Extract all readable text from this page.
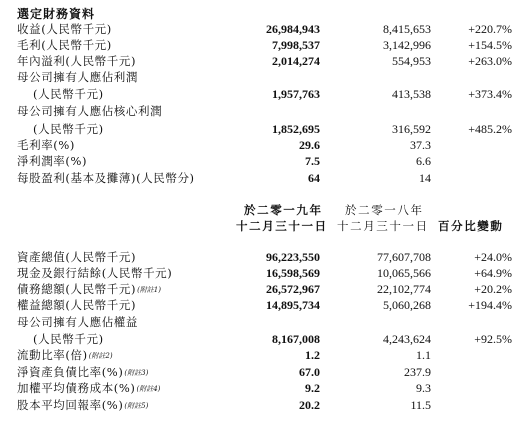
選定財務資料
收益(人民幣千元)	26,984,943	8,415,653	+220.7%
毛利(人民幣千元)	7,998,537	3,142,996	+154.5%
年內溢利(人民幣千元)	2,014,274	554,953	+263.0%
母公司擁有人應佔利潤
(人民幣千元)	1,957,763	413,538	+373.4%
母公司擁有人應佔核心利潤
(人民幣千元)	1,852,695	316,592	+485.2%
毛利率(%)	29.6	37.3
淨利潤率(%)	7.5	6.6
每股盈利(基本及攤薄)(人民幣分)	64	14
於二零一九年
十二月三十一日
於二零一八年
十二月三十一日 百分比變動
資產總值(人民幣千元)	96,223,550	77,607,708	+24.0%
現金及銀行結餘(人民幣千元)	16,598,569	10,065,566	+64.9%
債務總額(人民幣千元)(附註1)	26,572,967	22,102,774	+20.2%
權益總額(人民幣千元)	14,895,734	5,060,268	+194.4%
母公司擁有人應佔權益
(人民幣千元)	8,167,008	4,243,624	+92.5%
流動比率(倍)(附註2)	1.2	1.1
淨資產負債比率(%)(附註3)	67.0	237.9
加權平均債務成本(%)(附註4)	9.2	9.3
股本平均回報率(%)(附註5)	20.2	11.5
